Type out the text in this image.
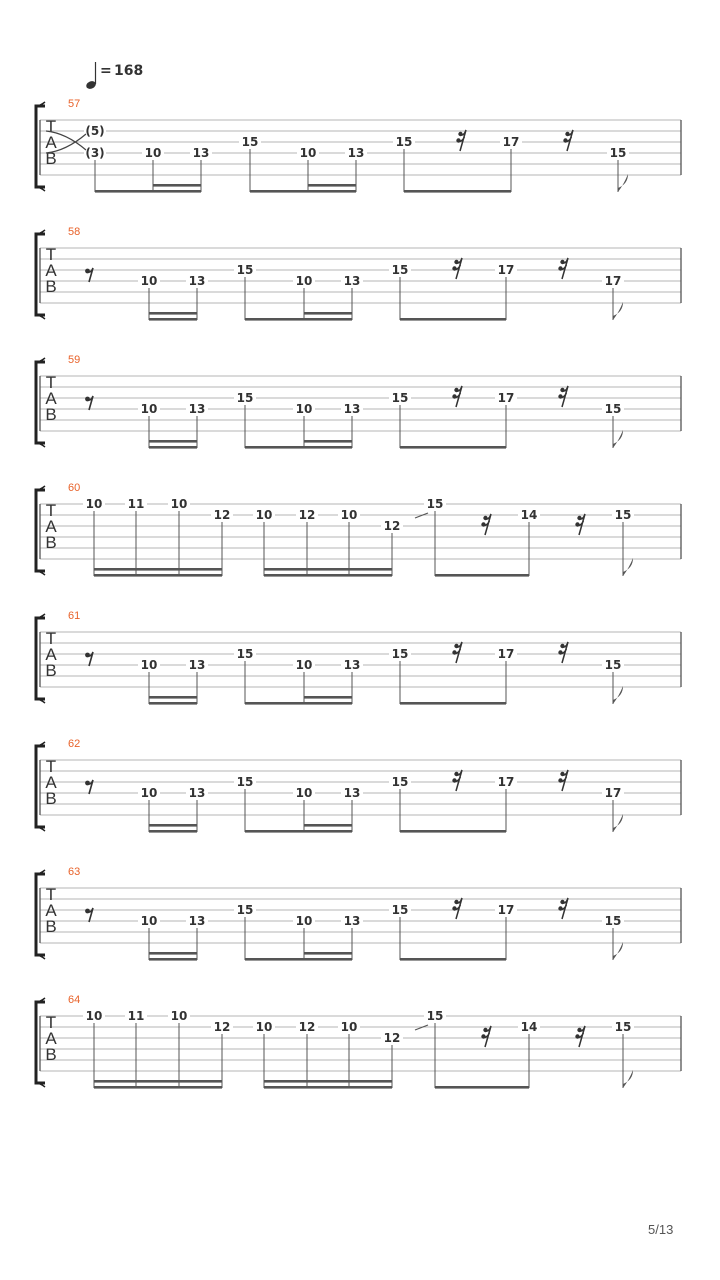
= 168
T
A
B
57
(5)
(3)	10	13
15
10	13
15	17
15
T
A
B
58
10	13
15
10	13
15	17
17
T
A
B
59
10	13
15
10	13
15	17
15
T
A
B
60
10 11 10
12 10 12 10
12
15
14	15
T
A
B
61
10	13
15
10	13
15	17
15
T
A
B
62
10	13
15
10	13
15	17
17
T
A
B
63
10	13
15
10	13
15	17
15
T
A
B
64
10 11 10
12 10 12 10
12
15
14	15
5/13
